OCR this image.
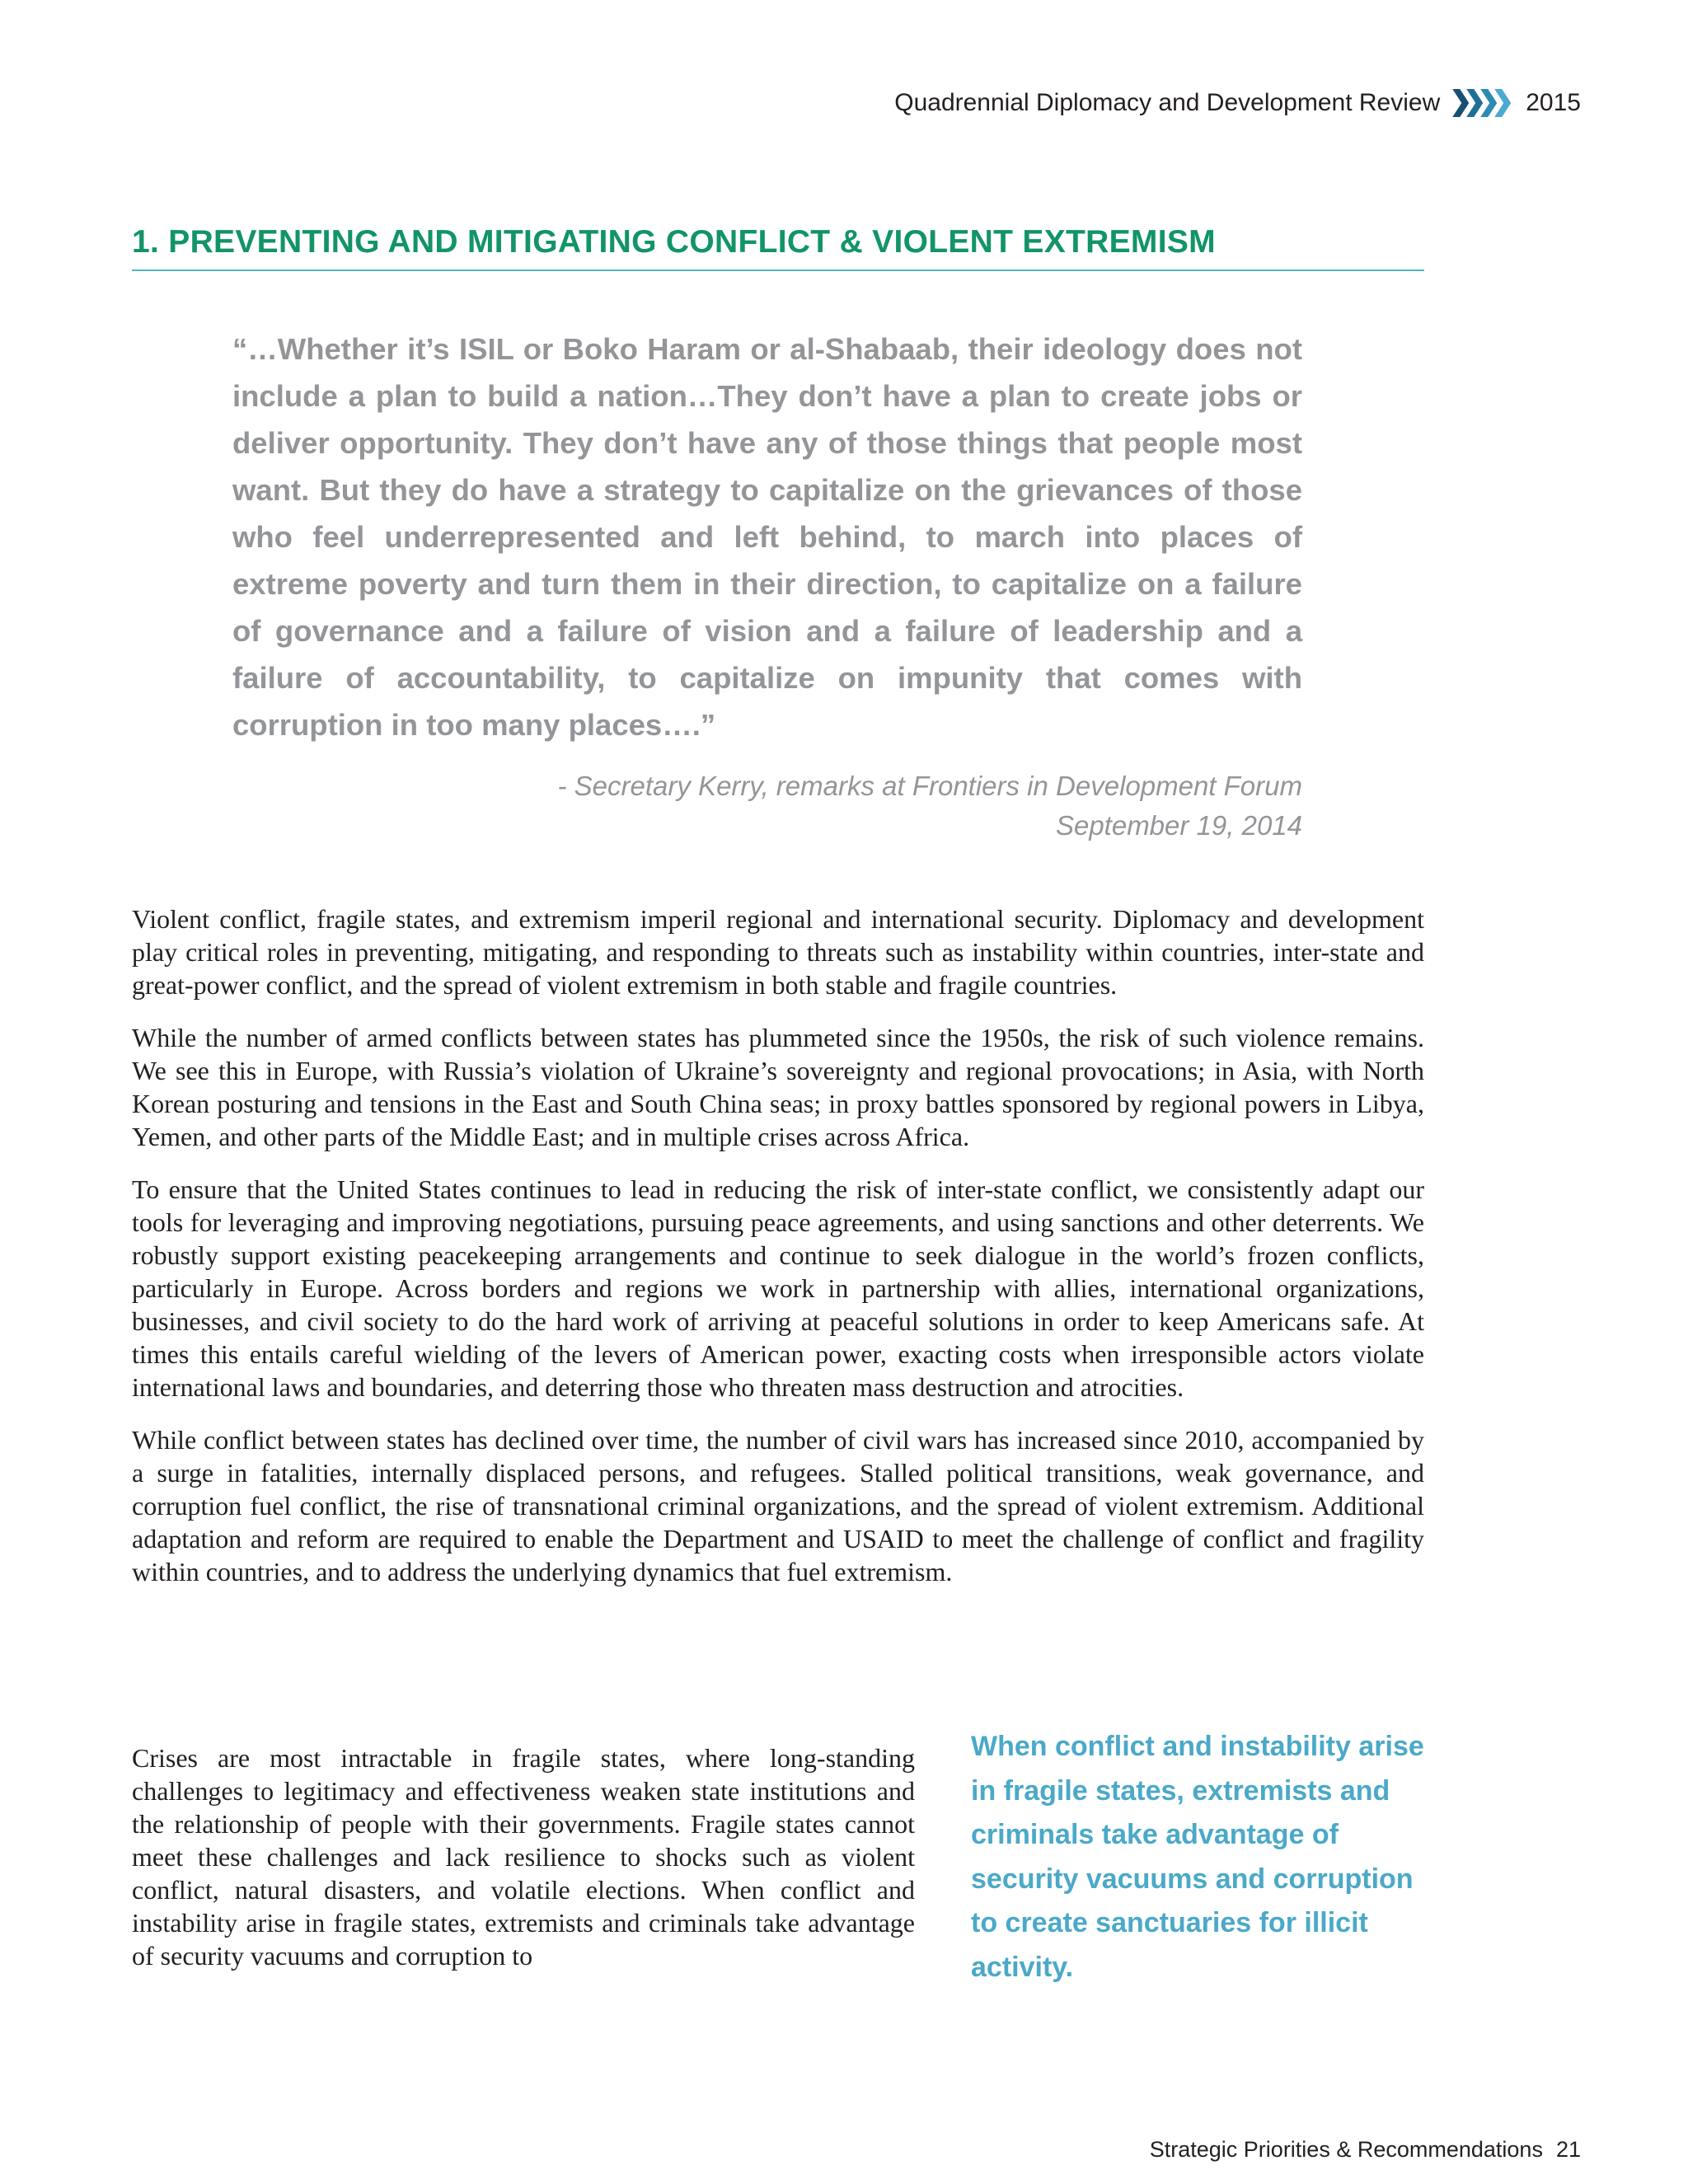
Quadrennial Diplomacy and Development Review	2015
1. PREVENTING AND MITIGATING CONFLICT & VIOLENT EXTREMISM

“…Whether it’s ISIL or Boko Haram or al-Shabaab, their ideology does not include a plan to build a nation…They don’t have a plan to create jobs or deliver opportunity. They don’t have any of those things that people most want. But they do have a strategy to capitalize on the grievances of those who feel underrepresented and left behind, to march into places of extreme poverty and turn them in their direction, to capitalize on a failure of governance and a failure of vision and a failure of leadership and a failure of accountability, to capitalize on impunity that comes with corruption in too many places….”

- Secretary Kerry, remarks at Frontiers in Development Forum
September 19, 2014

Violent conflict, fragile states, and extremism imperil regional and international security. Diplomacy and development play critical roles in preventing, mitigating, and responding to threats such as instability within countries, inter-state and great-power conflict, and the spread of violent extremism in both stable and fragile countries.

While the number of armed conflicts between states has plummeted since the 1950s, the risk of such violence remains. We see this in Europe, with Russia’s violation of Ukraine’s sovereignty and regional provocations; in Asia, with North Korean posturing and tensions in the East and South China seas; in proxy battles sponsored by regional powers in Libya, Yemen, and other parts of the Middle East; and in multiple crises across Africa.

To ensure that the United States continues to lead in reducing the risk of inter-state conflict, we consistently adapt our tools for leveraging and improving negotiations, pursuing peace agreements, and using sanctions and other deterrents. We robustly support existing peacekeeping arrangements and continue to seek dialogue in the world’s frozen conflicts, particularly in Europe. Across borders and regions we work in partnership with allies, international organizations, businesses, and civil society to do the hard work of arriving at peaceful solutions in order to keep Americans safe. At times this entails careful wielding of the levers of American power, exacting costs when irresponsible actors violate international laws and boundaries, and deterring those who threaten mass destruction and atrocities.

While conflict between states has declined over time, the number of civil wars has increased since 2010, accompanied by a surge in fatalities, internally displaced persons, and refugees. Stalled political transitions, weak governance, and corruption fuel conflict, the rise of transnational criminal organizations, and the spread of violent extremism. Additional adaptation and reform are required to enable the Department and USAID to meet the challenge of conflict and fragility within countries, and to address the underlying dynamics that fuel extremism.

Crises are most intractable in fragile states, where long-standing challenges to legitimacy and effectiveness weaken state institutions and the relationship of people with their governments. Fragile states cannot meet these challenges and lack resilience to shocks such as violent conflict, natural disasters, and volatile elections. When conflict and instability arise in fragile states, extremists and criminals take advantage of security vacuums and corruption to

When conflict and instability arise in fragile states, extremists and criminals take advantage of security vacuums and corruption to create sanctuaries for illicit activity.

Strategic Priorities & Recommendations 21
